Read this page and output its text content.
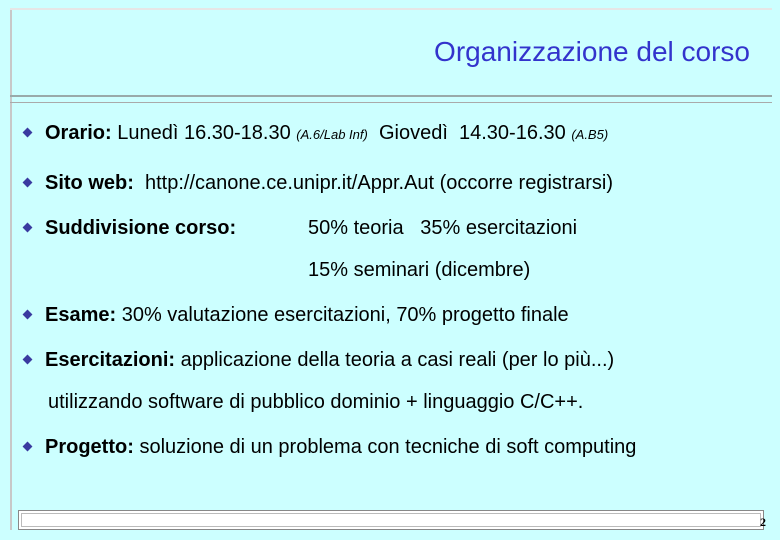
Organizzazione del corso
Orario: Lunedì 16.30-18.30 (A.6/Lab Inf)  Giovedì  14.30-16.30 (A.B5)
Sito web:  http://canone.ce.unipr.it/Appr.Aut (occorre registrarsi)
Suddivisione corso:	50% teoria   35% esercitazioni
15% seminari (dicembre)
Esame: 30% valutazione esercitazioni, 70% progetto finale
Esercitazioni: applicazione della teoria a casi reali (per lo più...)
utilizzando software di pubblico dominio + linguaggio C/C++.
Progetto: soluzione di un problema con tecniche di soft computing
2
